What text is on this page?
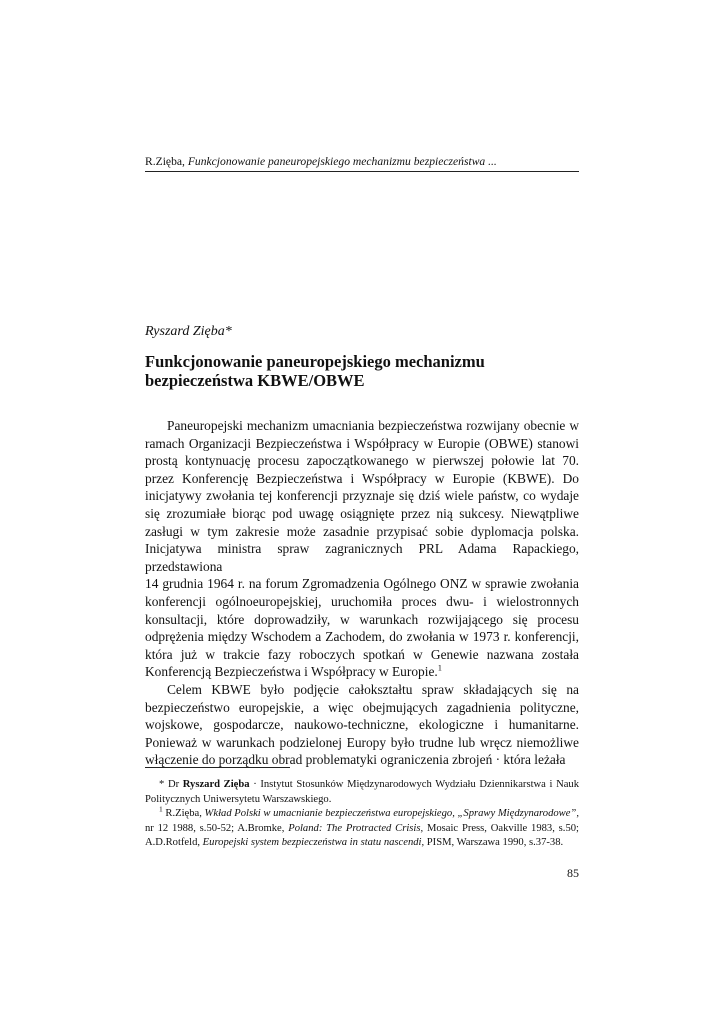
R.Zięba, Funkcjonowanie paneuropejskiego mechanizmu bezpieczeństwa ...
Ryszard Zięba*
Funkcjonowanie paneuropejskiego mechanizmu
bezpieczeństwa KBWE/OBWE

Paneuropejski mechanizm umacniania bezpieczeństwa rozwijany obecnie w ramach Organizacji Bezpieczeństwa i Współpracy w Europie (OBWE) stanowi prostą kontynuację procesu zapoczątkowanego w pierwszej połowie lat 70. przez Konferencję Bezpieczeństwa i Współpracy w Europie (KBWE). Do inicjatywy zwołania tej konferencji przyznaje się dziś wiele państw, co wydaje się zrozumiałe biorąc pod uwagę osiągnięte przez nią sukcesy. Niewątpliwe zasługi w tym zakresie może zasadnie przypisać sobie dyplomacja polska. Inicjatywa ministra spraw zagranicznych PRL Adama Rapackiego, przedstawiona

14 grudnia 1964 r. na forum Zgromadzenia Ogólnego ONZ w sprawie zwołania konferencji ogólnoeuropejskiej, uruchomiła proces dwu- i wielostronnych konsultacji, które doprowadziły, w warunkach rozwijającego się procesu odprężenia między Wschodem a Zachodem, do zwołania w 1973 r. konferencji, która już w trakcie fazy roboczych spotkań w Genewie nazwana została Konferencją Bezpieczeństwa i Współpracy w Europie.$^1$

Celem KBWE było podjęcie całokształtu spraw składających się na bezpieczeństwo europejskie, a więc obejmujących zagadnienia polityczne, wojskowe, gospodarcze, naukowo-techniczne, ekologiczne i humanitarne. Ponieważ w warunkach podzielonej Europy było trudne lub wręcz niemożliwe włączenie do porządku obrad problematyki ograniczenia zbrojeń · która leżała

* Dr Ryszard Zięba · Instytut Stosunków Międzynarodowych Wydziału Dziennikarstwa i Nauk Politycznych Uniwersytetu Warszawskiego.

$^1$ R.Zięba, Wkład Polski w umacnianie bezpieczeństwa europejskiego, „Sprawy Międzynarodowe”, nr 12 1988, s.50-52; A.Bromke, Poland: The Protracted Crisis, Mosaic Press, Oakville 1983, s.50; A.D.Rotfeld, Europejski system bezpieczeństwa in statu nascendi, PISM, Warszawa 1990, s.37-38.

85
